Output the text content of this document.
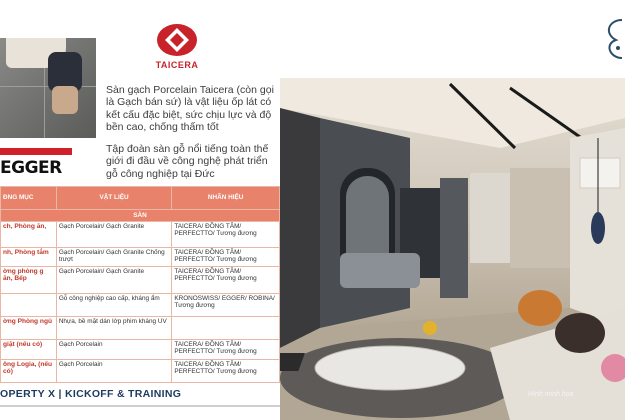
TAICERA
EGGER
Sàn gạch Porcelain Taicera (còn gọi là Gạch bán sứ) là vật liệu ốp lát có kết cấu đặc biệt, sức chịu lực và độ bền cao, chống thấm tốt
Tập đoàn sàn gỗ nổi tiếng toàn thế giới đi đầu về công nghệ phát triển gỗ công nghiệp tại Đức
ĐNG MỤC	VẬT LIỆU	NHÃN HIỆU
SÀN		
ch, Phòng ăn,	Gạch Porcelain/ Gạch Granite	TAICERA/ ĐỒNG TÂM/ PERFECTTO/ Tương đương
nh, Phòng tắm	Gạch Porcelain/ Gạch Granite Chống trượt	TAICERA/ ĐỒNG TÂM/ PERFECTTO/ Tương đương
ờng phòng g ăn, Bếp	Gạch Porcelain/ Gạch Granite	TAICERA/ ĐỒNG TÂM/ PERFECTTO/ Tương đương
	Gỗ công nghiệp cao cấp, kháng ẩm	KRONOSWISS/ EGGER/ ROBINA/ Tương đương
ờng Phòng ngủ	Nhựa, bề mặt dán lớp phim kháng UV	
giặt (nếu có)	Gạch Porcelain	TAICERA/ ĐỒNG TÂM/ PERFECTTO/ Tương đương
ông Logia, (nếu có)	Gạch Porcelain	TAICERA/ ĐỒNG TÂM/ PERFECTTO/ Tương đương
OPERTY X | KICKOFF & TRAINING	Hình minh họa
